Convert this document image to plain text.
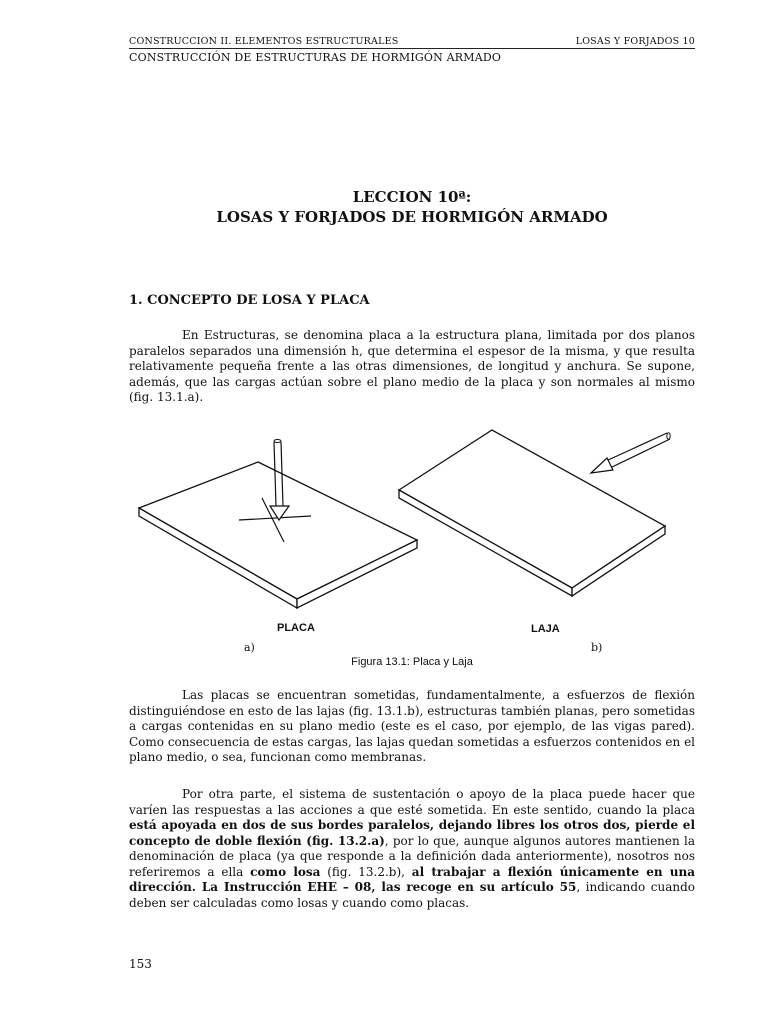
CONSTRUCCION II. ELEMENTOS ESTRUCTURALES	LOSAS Y FORJADOS 10
CONSTRUCCIÓN DE ESTRUCTURAS DE HORMIGÓN ARMADO
LECCION 10ª:
LOSAS Y FORJADOS DE HORMIGÓN ARMADO
1. CONCEPTO DE LOSA Y PLACA
En Estructuras, se denomina placa a la estructura plana, limitada por dos planos paralelos separados una dimensión h, que determina el espesor de la misma, y que resulta relativamente pequeña frente a las otras dimensiones, de longitud y anchura. Se supone, además, que las cargas actúan sobre el plano medio de la placa y son normales al mismo (fig. 13.1.a).
PLACA	LAJA
a)	b)
Figura 13.1: Placa y Laja
Las placas se encuentran sometidas, fundamentalmente, a esfuerzos de flexión distinguiéndose en esto de las lajas (fig. 13.1.b), estructuras también planas, pero sometidas a cargas contenidas en su plano medio (este es el caso, por ejemplo, de las vigas pared). Como consecuencia de estas cargas, las lajas quedan sometidas a esfuerzos contenidos en el plano medio, o sea, funcionan como membranas.
Por otra parte, el sistema de sustentación o apoyo de la placa puede hacer que varíen las respuestas a las acciones a que esté sometida. En este sentido, cuando la placa está apoyada en dos de sus bordes paralelos, dejando libres los otros dos, pierde el concepto de doble flexión (fig. 13.2.a), por lo que, aunque algunos autores mantienen la denominación de placa (ya que responde a la definición dada anteriormente), nosotros nos referiremos a ella como losa (fig. 13.2.b), al trabajar a flexión únicamente en una dirección. La Instrucción EHE – 08, las recoge en su artículo 55, indicando cuando deben ser calculadas como losas y cuando como placas.
153
